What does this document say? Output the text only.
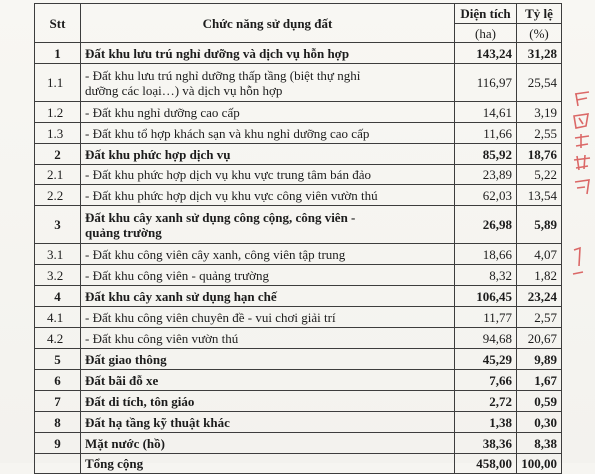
Stt	Chức năng sử dụng đất	Diện tích	Tỷ lệ
		(ha)	(%)
1	Đất khu lưu trú nghỉ dưỡng và dịch vụ hỗn hợp	143,24	31,28
1.1	- Đất khu lưu trú nghỉ dưỡng thấp tầng (biệt thự nghỉ
dưỡng các loại…) và dịch vụ hỗn hợp	116,97	25,54
1.2	- Đất khu nghỉ dưỡng cao cấp	14,61	3,19
1.3	- Đất khu tổ hợp khách sạn và khu nghỉ dưỡng cao cấp	11,66	2,55
2	Đất khu phức hợp dịch vụ	85,92	18,76
2.1	- Đất khu phức hợp dịch vụ khu vực trung tâm bán đảo	23,89	5,22
2.2	- Đất khu phức hợp dịch vụ khu vực công viên vườn thú	62,03	13,54
3	Đất khu cây xanh sử dụng công cộng, công viên -
quảng trường	26,98	5,89
3.1	- Đất khu công viên cây xanh, công viên tập trung	18,66	4,07
3.2	- Đất khu công viên - quảng trường	8,32	1,82
4	Đất khu cây xanh sử dụng hạn chế	106,45	23,24
4.1	- Đất khu công viên chuyên đề - vui chơi giải trí	11,77	2,57
4.2	- Đất khu công viên vườn thú	94,68	20,67
5	Đất giao thông	45,29	9,89
6	Đất bãi đỗ xe	7,66	1,67
7	Đất di tích, tôn giáo	2,72	0,59
8	Đất hạ tầng kỹ thuật khác	1,38	0,30
9	Mặt nước (hồ)	38,36	8,38
	Tổng cộng	458,00	100,00
